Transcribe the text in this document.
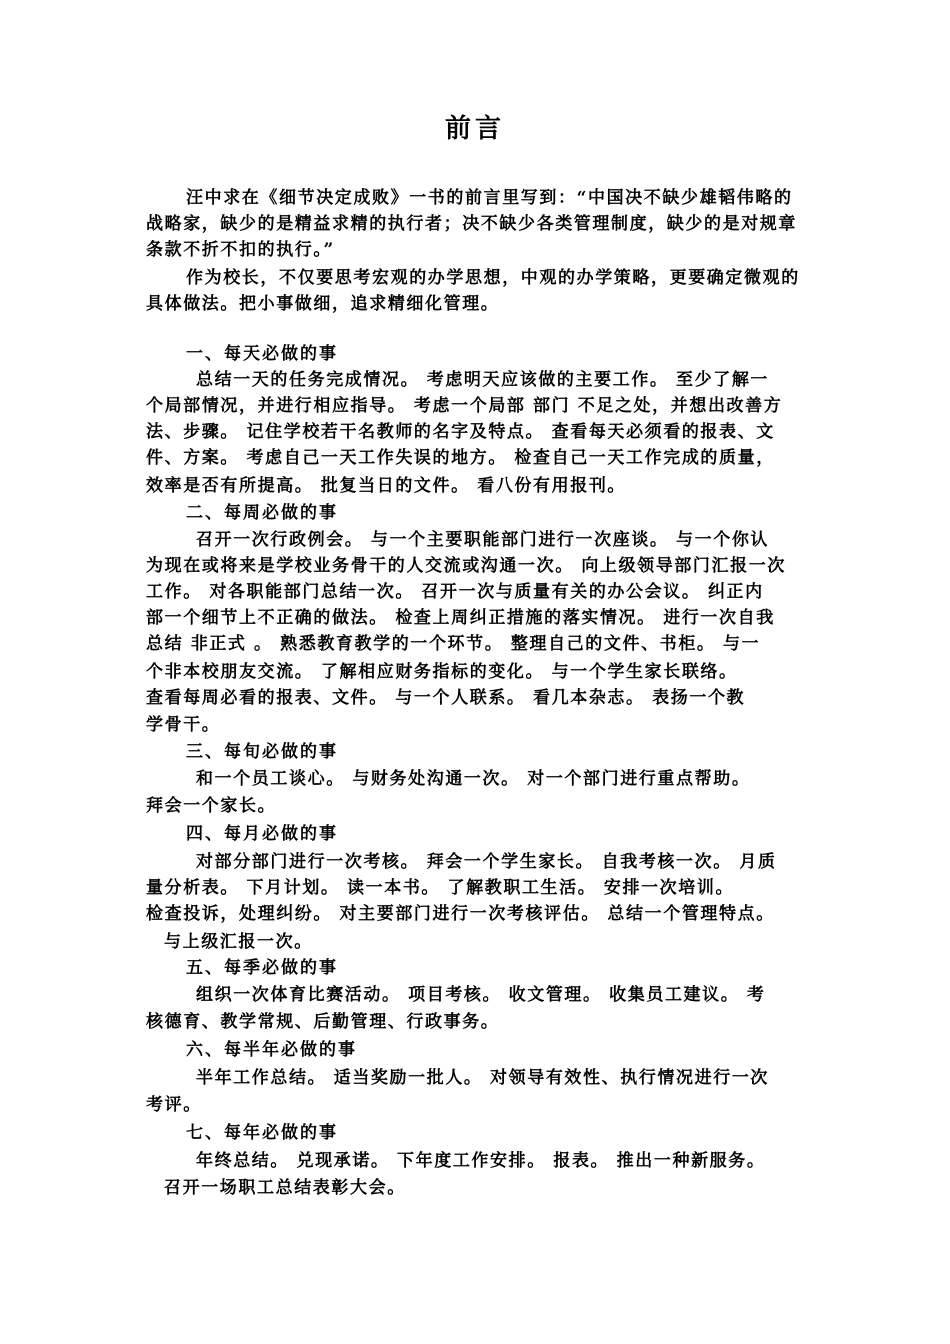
前言
汪中求在《细节决定成败》一书的前言里写到：“中国决不缺少雄韬伟略的
战略家，缺少的是精益求精的执行者；决不缺少各类管理制度，缺少的是对规章
条款不折不扣的执行。”
作为校长，不仅要思考宏观的办学思想，中观的办学策略，更要确定微观的
具体做法。把小事做细，追求精细化管理。
一、每天必做的事
总结一天的任务完成情况。 考虑明天应该做的主要工作。 至少了解一
个局部情况，并进行相应指导。 考虑一个局部 部门 不足之处，并想出改善方
法、步骤。 记住学校若干名教师的名字及特点。 查看每天必须看的报表、文
件、方案。 考虑自己一天工作失误的地方。 检查自己一天工作完成的质量，
效率是否有所提高。 批复当日的文件。 看八份有用报刊。
二、每周必做的事
召开一次行政例会。 与一个主要职能部门进行一次座谈。 与一个你认
为现在或将来是学校业务骨干的人交流或沟通一次。 向上级领导部门汇报一次
工作。 对各职能部门总结一次。 召开一次与质量有关的办公会议。 纠正内
部一个细节上不正确的做法。 检查上周纠正措施的落实情况。 进行一次自我
总结 非正式 。 熟悉教育教学的一个环节。 整理自己的文件、书柜。 与一
个非本校朋友交流。 了解相应财务指标的变化。 与一个学生家长联络。
查看每周必看的报表、文件。 与一个人联系。 看几本杂志。 表扬一个教
学骨干。
三、每旬必做的事
和一个员工谈心。 与财务处沟通一次。 对一个部门进行重点帮助。
拜会一个家长。
四、每月必做的事
对部分部门进行一次考核。 拜会一个学生家长。 自我考核一次。 月质
量分析表。 下月计划。 读一本书。 了解教职工生活。 安排一次培训。
检查投诉，处理纠纷。 对主要部门进行一次考核评估。 总结一个管理特点。
与上级汇报一次。
五、每季必做的事
组织一次体育比赛活动。 项目考核。 收文管理。 收集员工建议。 考
核德育、教学常规、后勤管理、行政事务。
六、每半年必做的事
半年工作总结。 适当奖励一批人。 对领导有效性、执行情况进行一次
考评。
七、每年必做的事
年终总结。 兑现承诺。 下年度工作安排。 报表。 推出一种新服务。
召开一场职工总结表彰大会。
